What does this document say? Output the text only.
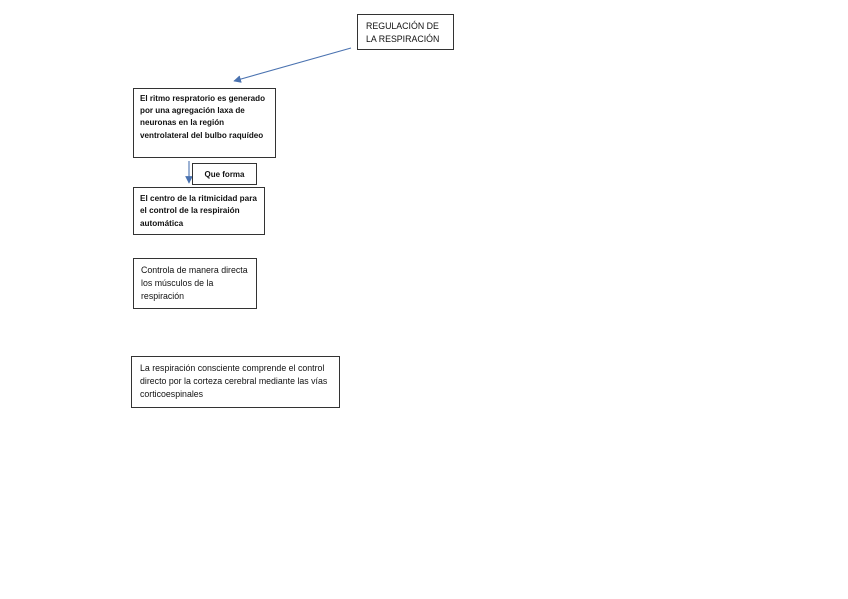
REGULACIÓN DE LA RESPIRACIÓN
El ritmo respratorio es generado por una agregación laxa de neuronas en la región ventrolateral del bulbo raquídeo
Que forma
El centro de la ritmicidad para el control de la respiraión automática
Controla de manera directa los músculos de la respiración
La respiración consciente comprende el control directo por la corteza cerebral mediante las vías corticoespinales
